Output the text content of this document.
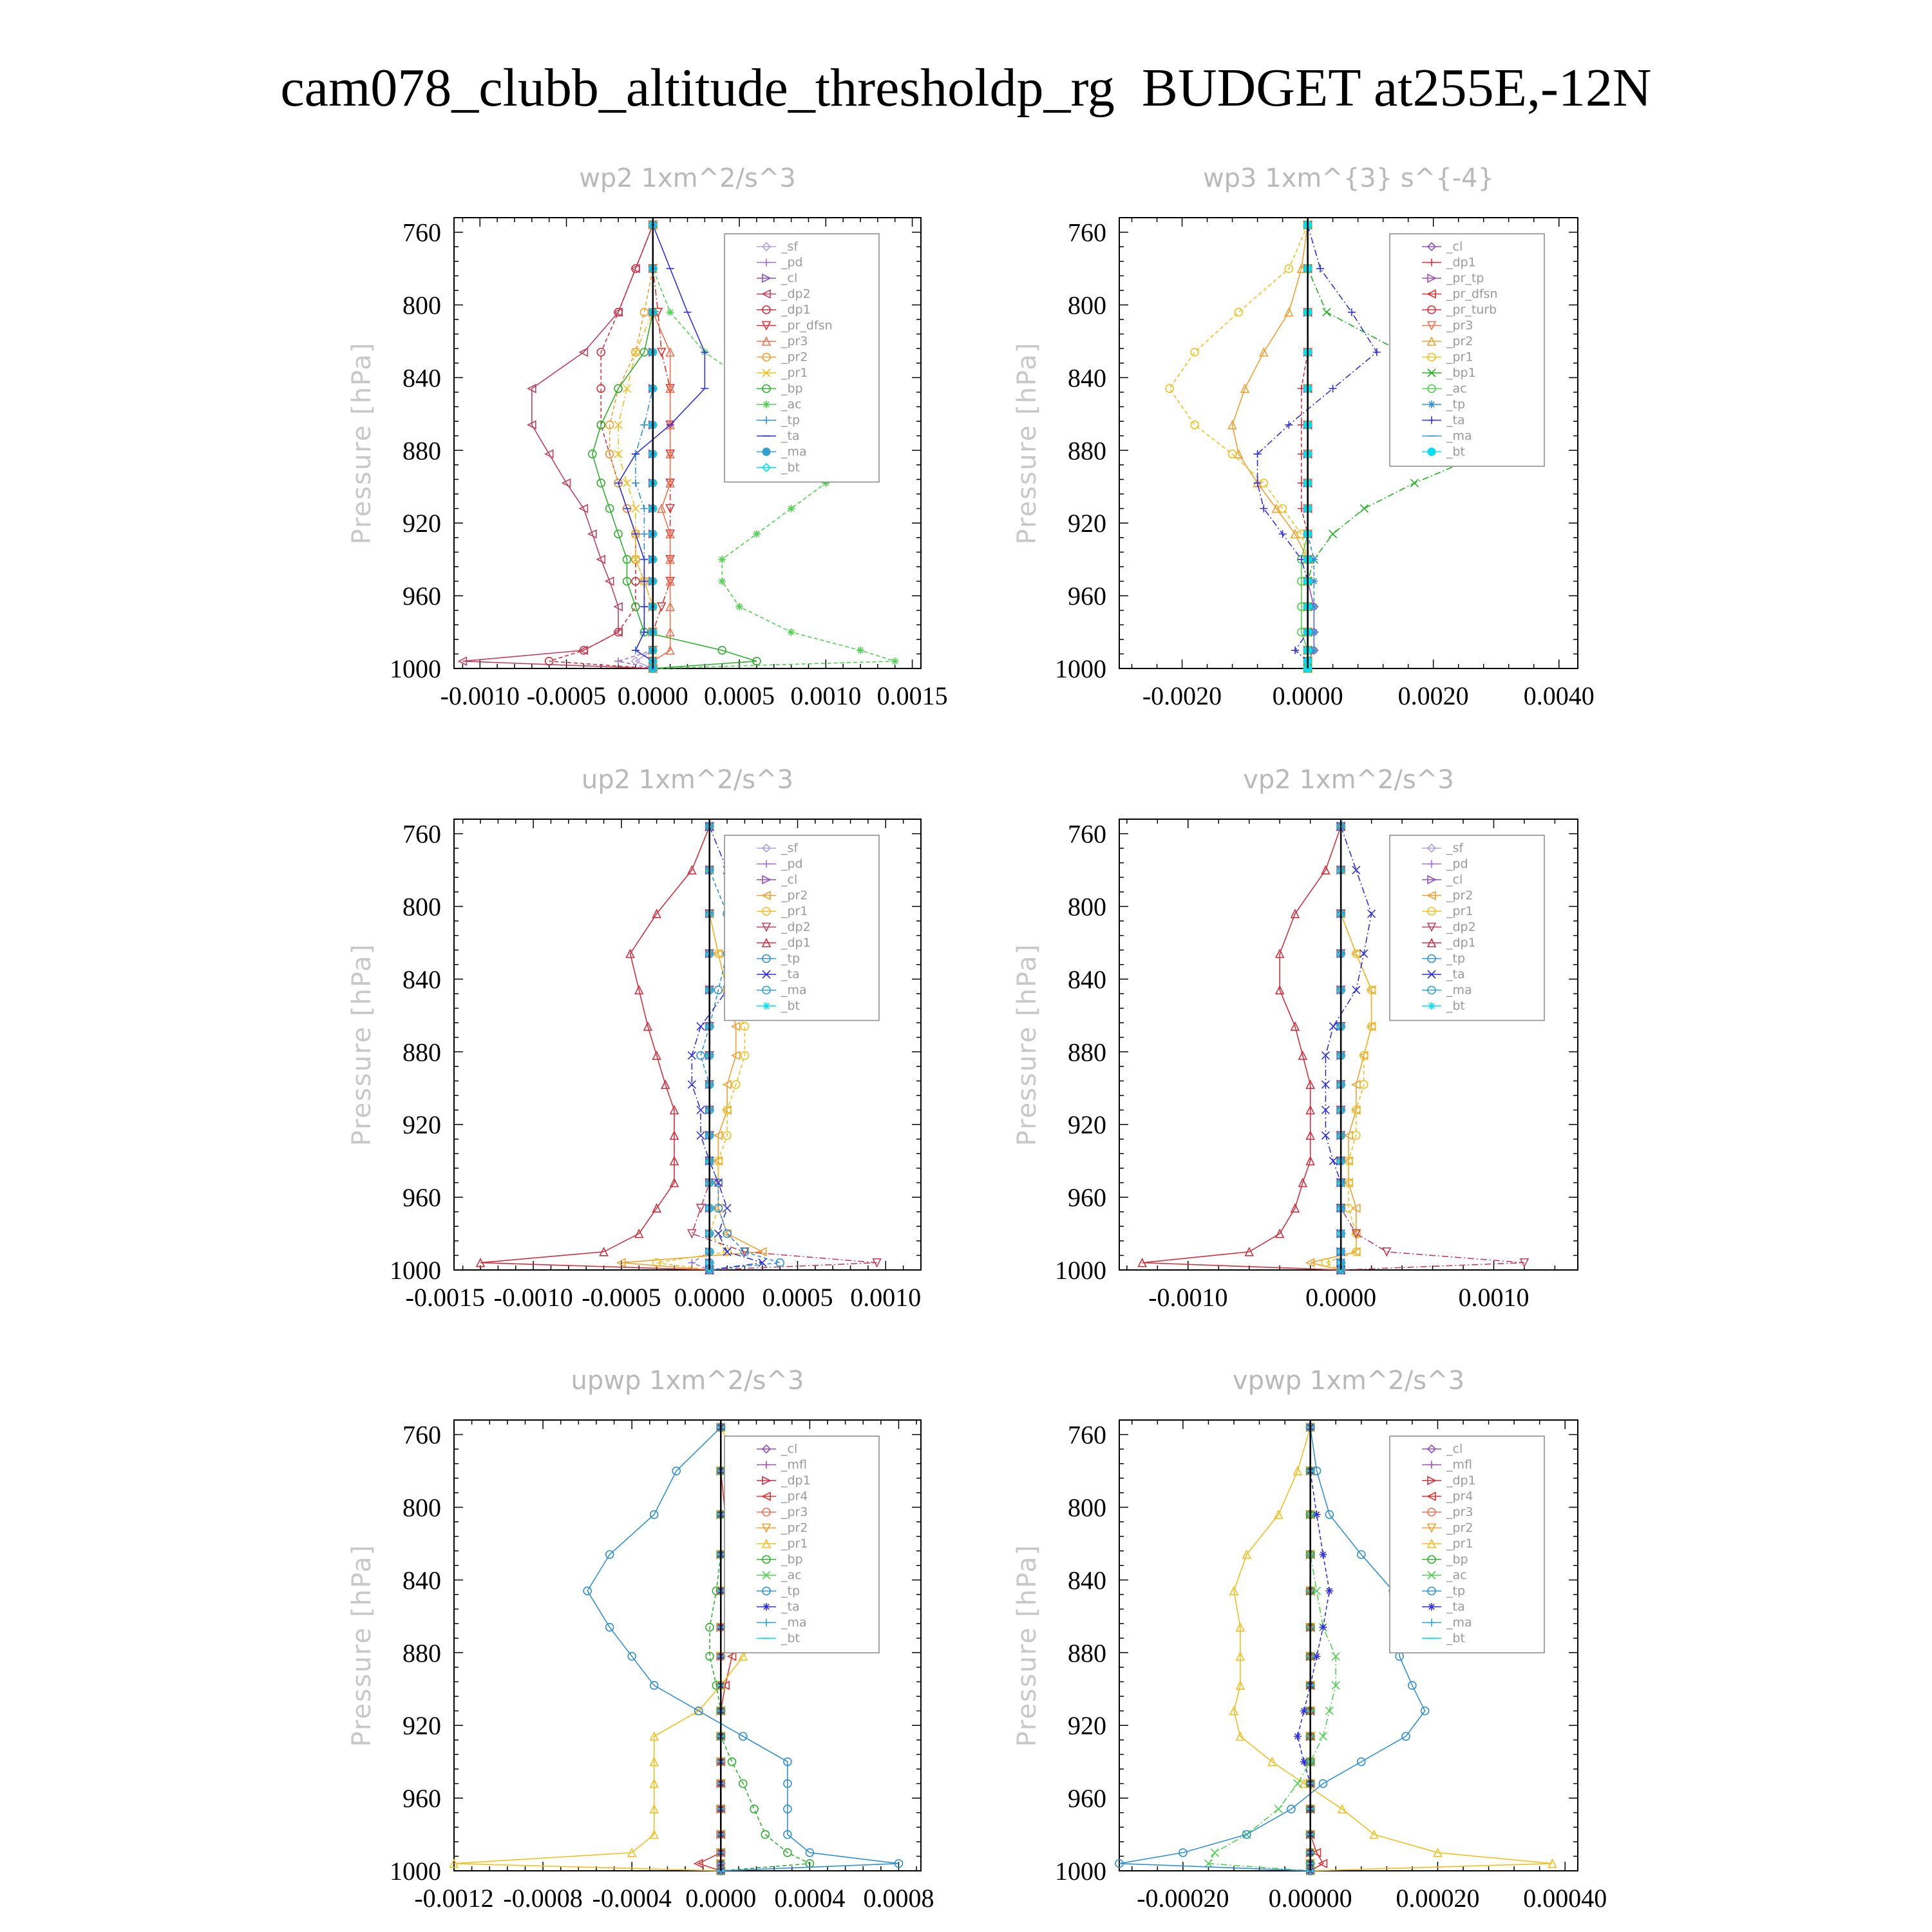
cam078_clubb_altitude_thresholdp_rg  BUDGET at255E,-12N
wp2 1xm^2/s^3
Pressure [hPa]
760
800
840
880
920
960
1000
-0.0010 -0.0005 0.0000 0.0005 0.0010 0.0015
_sf
_pd
_cl
_dp2
_dp1
_pr_dfsn
_pr3
_pr2
_pr1
_bp
_ac
_tp
_ta
_ma
_bt
wp3 1xm^{3} s^{-4}
Pressure [hPa]
760
800
840
880
920
960
1000
-0.0020 0.0000 0.0020 0.0040
_cl
_dp1
_pr_tp
_pr_dfsn
_pr_turb
_pr3
_pr2
_pr1
_bp1
_ac
_tp
_ta
_ma
_bt
up2 1xm^2/s^3
Pressure [hPa]
760
800
840
880
920
960
1000
-0.0015 -0.0010 -0.0005 0.0000 0.0005 0.0010
_sf
_pd
_cl
_pr2
_pr1
_dp2
_dp1
_tp
_ta
_ma
_bt
vp2 1xm^2/s^3
Pressure [hPa]
760
800
840
880
920
960
1000
-0.0010	0.0000	0.0010
_sf
_pd
_cl
_pr2
_pr1
_dp2
_dp1
_tp
_ta
_ma
_bt
upwp 1xm^2/s^3
Pressure [hPa]
760
800
840
880
920
960
1000
-0.0012 -0.0008 -0.0004 0.0000 0.0004 0.0008
_cl
_mfl
_dp1
_pr4
_pr3
_pr2
_pr1
_bp
_ac
_tp
_ta
_ma
_bt
vpwp 1xm^2/s^3
Pressure [hPa]
760
800
840
880
920
960
1000
-0.00020 0.00000 0.00020 0.00040
_cl
_mfl
_dp1
_pr4
_pr3
_pr2
_pr1
_bp
_ac
_tp
_ta
_ma
_bt
